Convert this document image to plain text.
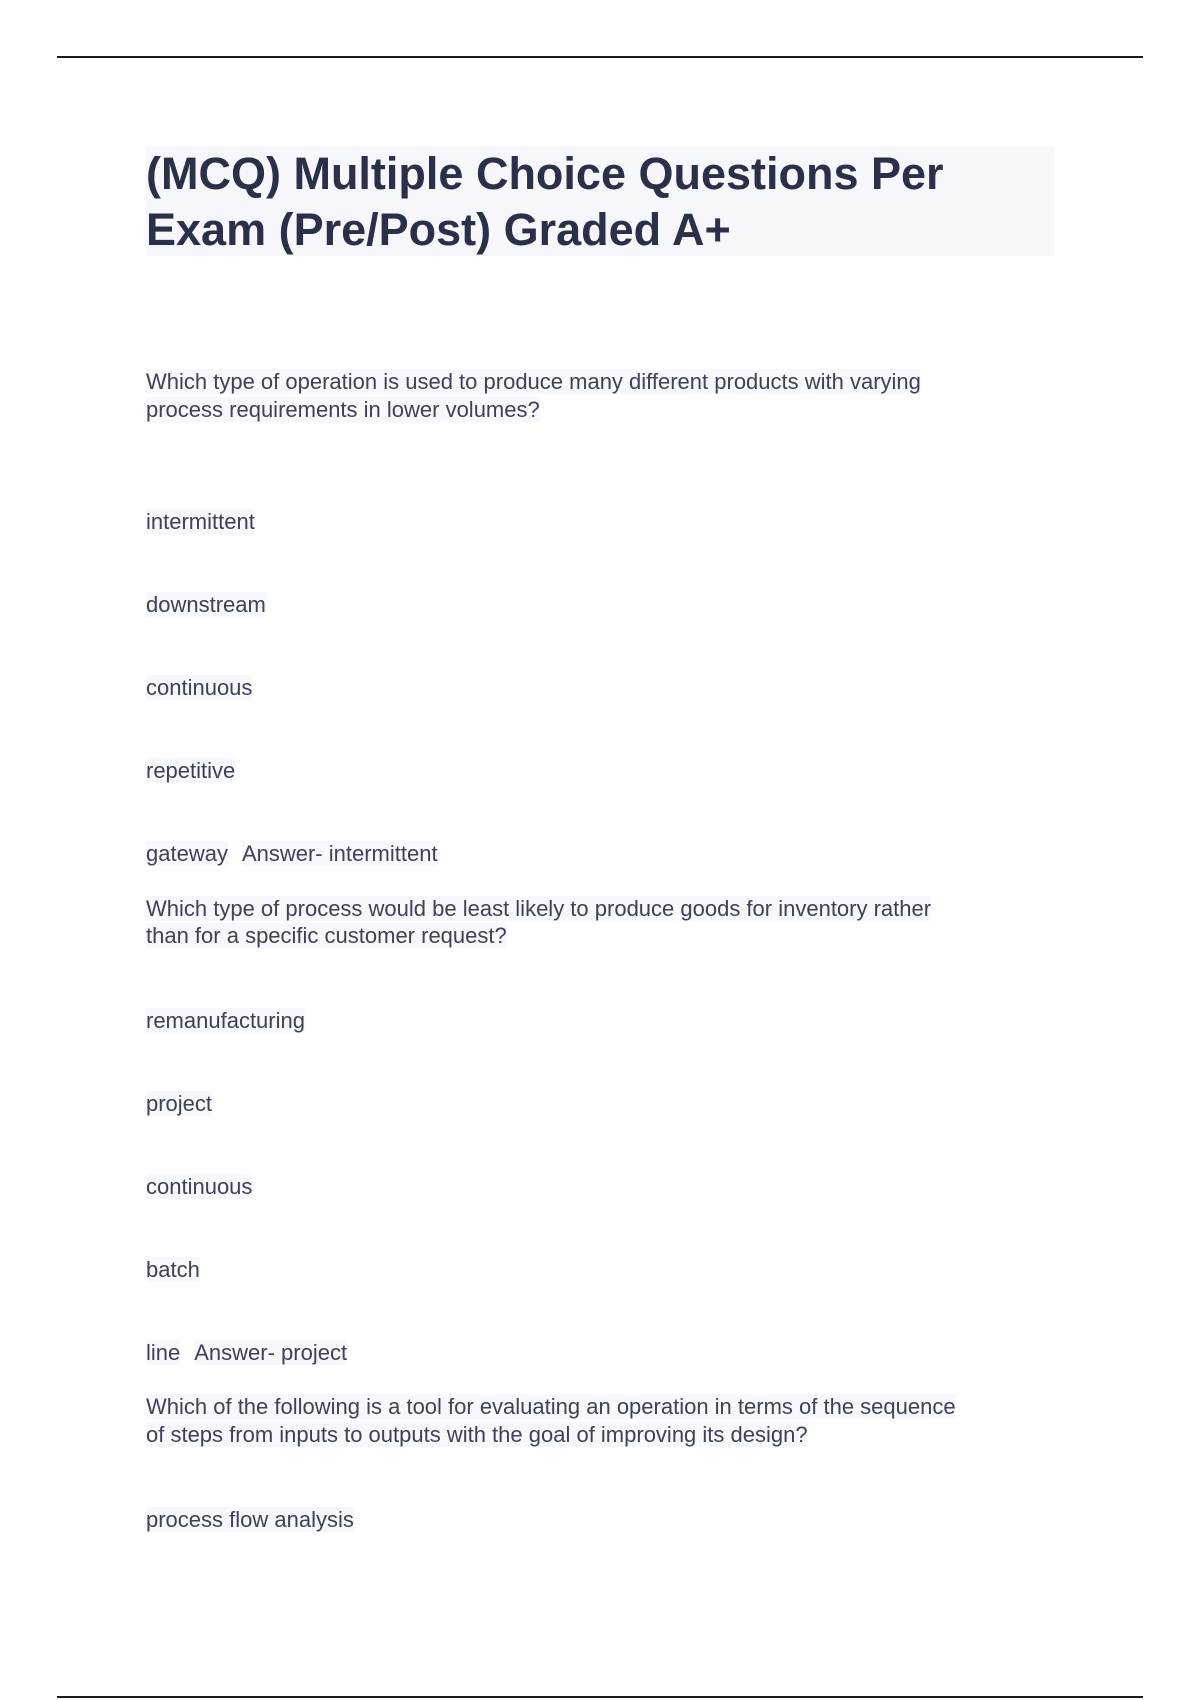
(MCQ) Multiple Choice Questions Per Exam (Pre/Post) Graded A+

Which type of operation is used to produce many different products with varying

process requirements in lower volumes?

intermittent

downstream

continuous

repetitive

gateway Answer- intermittent

Which type of process would be least likely to produce goods for inventory rather

than for a specific customer request?

remanufacturing

project

continuous

batch

line Answer- project

Which of the following is a tool for evaluating an operation in terms of the sequence

of steps from inputs to outputs with the goal of improving its design?

process flow analysis
